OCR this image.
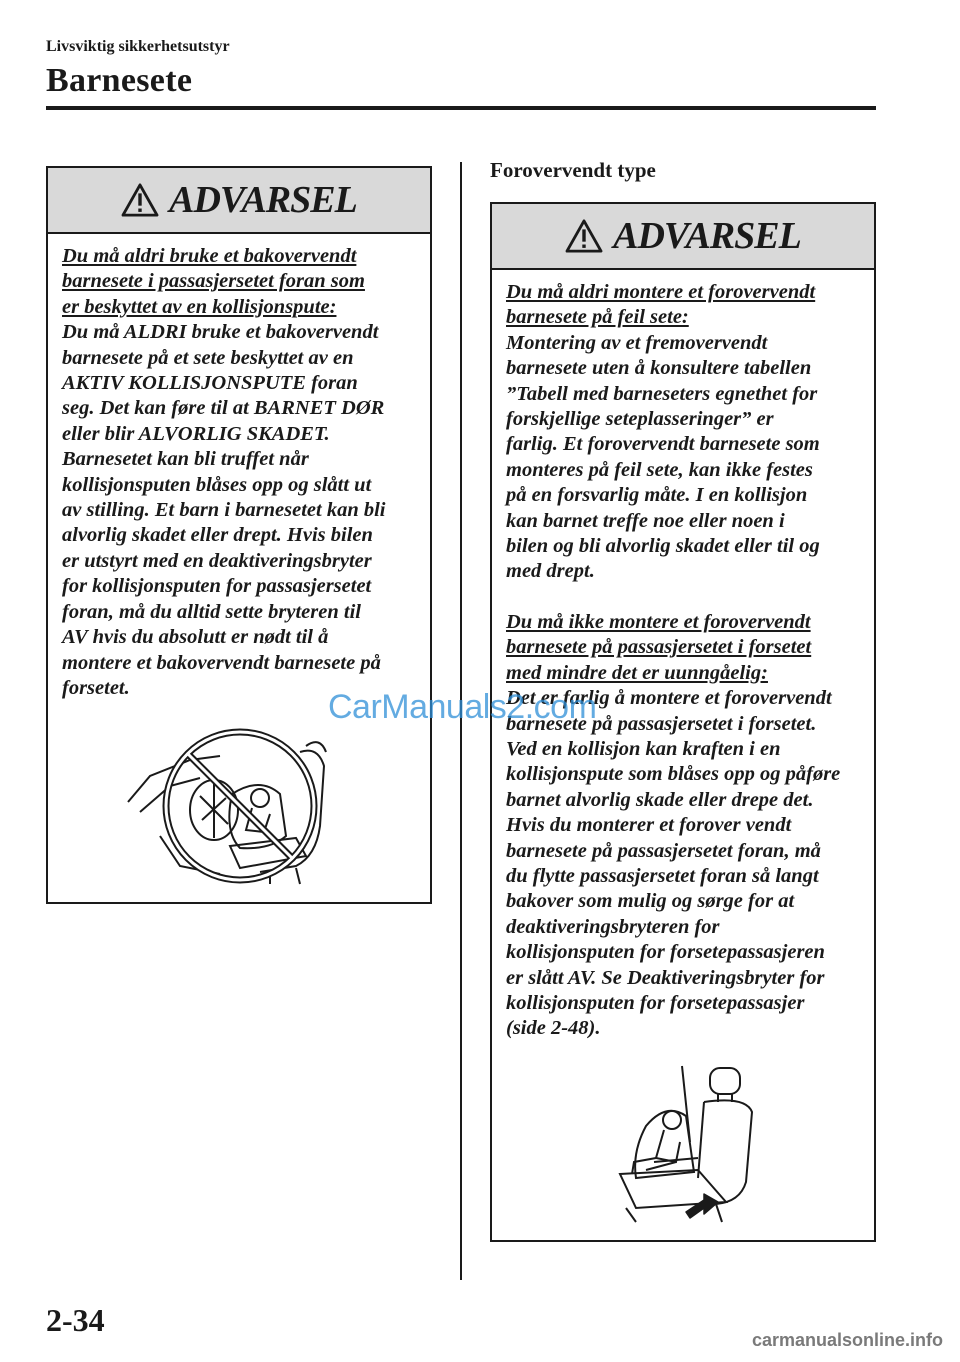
Livsviktig sikkerhetsutstyr
Barnesete
ADVARSEL
Du må aldri bruke et bakovervendt
barnesete i passasjersetet foran som
er beskyttet av en kollisjonspute:
Du må ALDRI bruke et bakovervendt
barnesete på et sete beskyttet av en
AKTIV KOLLISJONSPUTE foran
seg. Det kan føre til at BARNET DØR
eller blir ALVORLIG SKADET.
Barnesetet kan bli truffet når
kollisjonsputen blåses opp og slått ut
av stilling. Et barn i barnesetet kan bli
alvorlig skadet eller drept. Hvis bilen
er utstyrt med en deaktiveringsbryter
for kollisjonsputen for passasjersetet
foran, må du alltid sette bryteren til
AV hvis du absolutt er nødt til å
montere et bakovervendt barnesete på
forsetet.
Forovervendt type
ADVARSEL
Du må aldri montere et forovervendt
barnesete på feil sete:
Montering av et fremovervendt
barnesete uten å konsultere tabellen
”Tabell med barneseters egnethet for
forskjellige seteplasseringer” er
farlig. Et forovervendt barnesete som
monteres på feil sete, kan ikke festes
på en forsvarlig måte. I en kollisjon
kan barnet treffe noe eller noen i
bilen og bli alvorlig skadet eller til og
med drept.
Du må ikke montere et forovervendt
barnesete på passasjersetet i forsetet
med mindre det er uunngåelig:
Det er farlig å montere et forovervendt
barnesete på passasjersetet i forsetet.
Ved en kollisjon kan kraften i en
kollisjonspute som blåses opp og påføre
barnet alvorlig skade eller drepe det.
Hvis du monterer et forover vendt
barnesete på passasjersetet foran, må
du flytte passasjersetet foran så langt
bakover som mulig og sørge for at
deaktiveringsbryteren for
kollisjonsputen for forsetepassasjeren
er slått AV. Se Deaktiveringsbryter for
kollisjonsputen for forsetepassasjer
(side 2-48).
2-34
CarManuals2.com
carmanualsonline.info
